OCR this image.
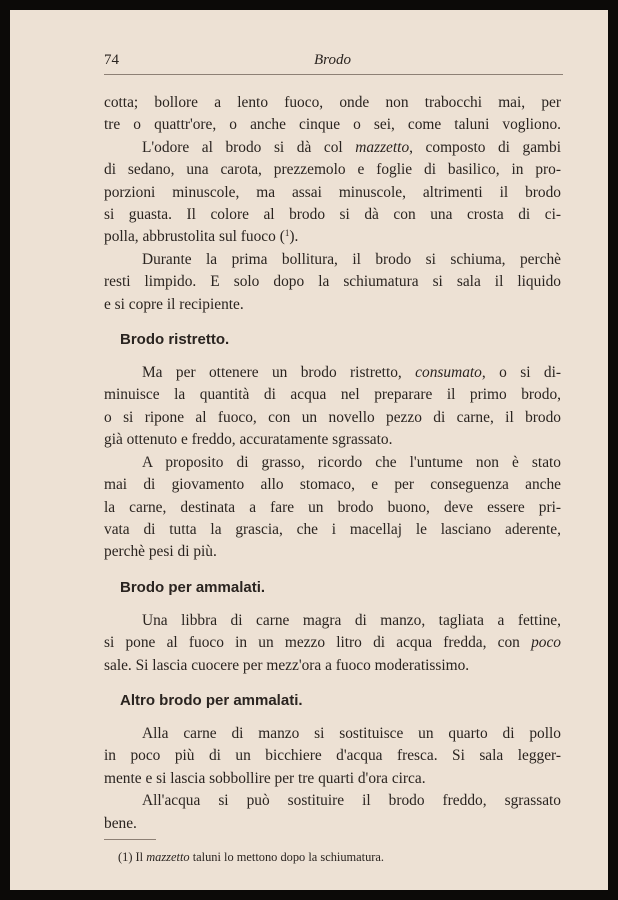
74	Brodo

cotta; bollore a lento fuoco, onde non trabocchi mai, per
tre o quattr'ore, o anche cinque o sei, come taluni vogliono.

L'odore al brodo si dà col mazzetto, composto di gambi
di sedano, una carota, prezzemolo e foglie di basilico, in pro-
porzioni minuscole, ma assai minuscole, altrimenti il brodo
si guasta. Il colore al brodo si dà con una crosta di ci-
polla, abbrustolita sul fuoco ($^1$).

Durante la prima bollitura, il brodo si schiuma, perchè
resti limpido. E solo dopo la schiumatura si sala il liquido
e si copre il recipiente.

Brodo ristretto.

Ma per ottenere un brodo ristretto, consumato, o si di-
minuisce la quantità di acqua nel preparare il primo brodo,
o si ripone al fuoco, con un novello pezzo di carne, il brodo
già ottenuto e freddo, accuratamente sgrassato.

A proposito di grasso, ricordo che l'untume non è stato
mai di giovamento allo stomaco, e per conseguenza anche
la carne, destinata a fare un brodo buono, deve essere pri-
vata di tutta la grascia, che i macellaj le lasciano aderente,
perchè pesi di più.

Brodo per ammalati.

Una libbra di carne magra di manzo, tagliata a fettine,
si pone al fuoco in un mezzo litro di acqua fredda, con poco
sale. Si lascia cuocere per mezz'ora a fuoco moderatissimo.

Altro brodo per ammalati.

Alla carne di manzo si sostituisce un quarto di pollo
in poco più di un bicchiere d'acqua fresca. Si sala legger-
mente e si lascia sobbollire per tre quarti d'ora circa.

All'acqua si può sostituire il brodo freddo, sgrassato
bene.

(1) Il mazzetto taluni lo mettono dopo la schiumatura.
